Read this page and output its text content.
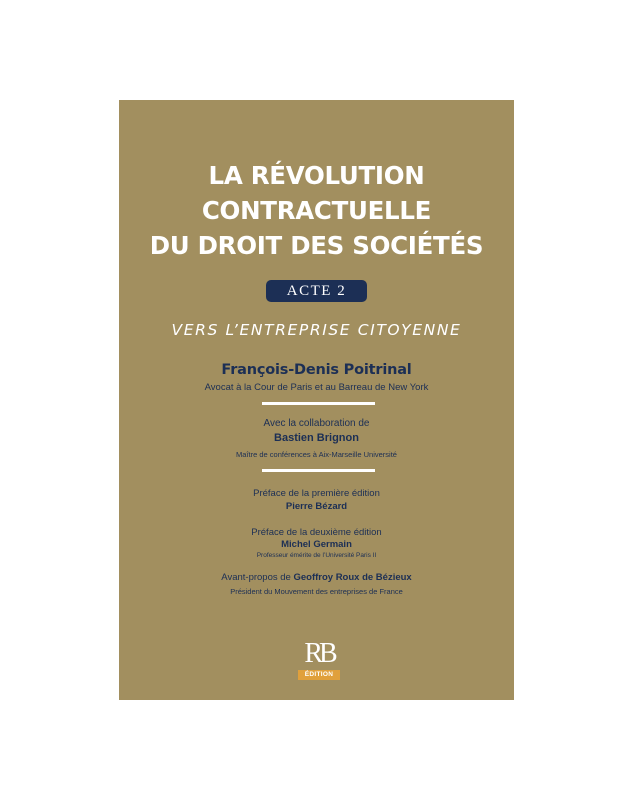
LA RÉVOLUTION
CONTRACTUELLE
DU DROIT DES SOCIÉTÉS
ACTE 2
VERS L’ENTREPRISE CITOYENNE
François-Denis Poitrinal
Avocat à la Cour de Paris et au Barreau de New York
Avec la collaboration de
Bastien Brignon
Maître de conférences à Aix-Marseille Université
Préface de la première édition
Pierre Bézard
Préface de la deuxième édition
Michel Germain
Professeur émérite de l’Université Paris II
Avant-propos de Geoffroy Roux de Bézieux
Président du Mouvement des entreprises de France
RB
ÉDITION
